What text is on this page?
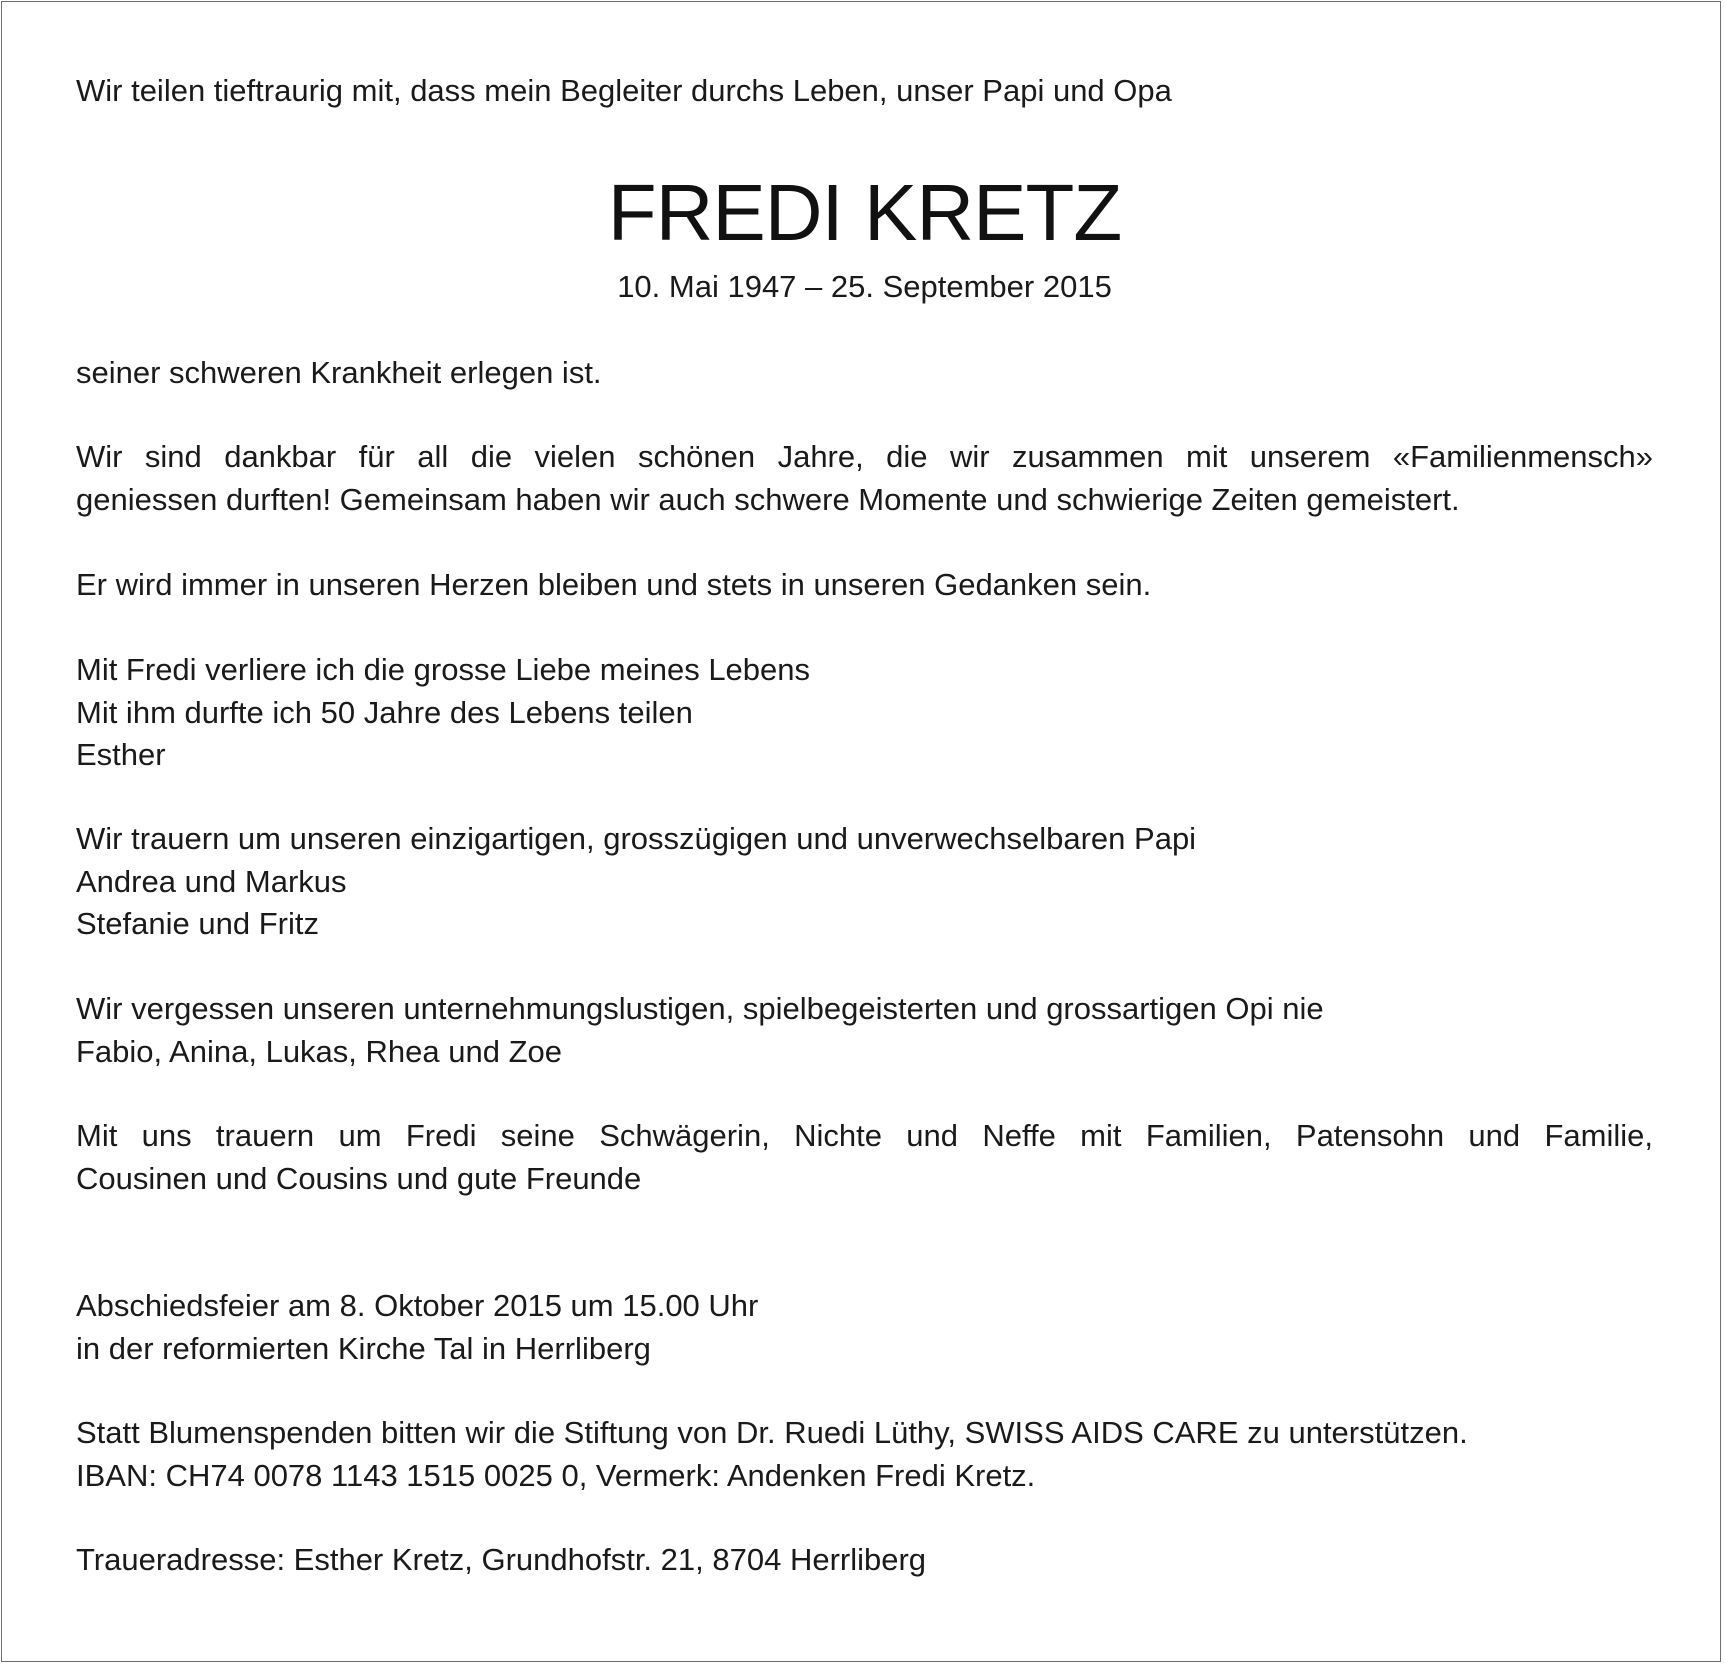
Wir teilen tieftraurig mit, dass mein Begleiter durchs Leben, unser Papi und Opa
FREDI KRETZ
10. Mai 1947 – 25. September 2015
seiner schweren Krankheit erlegen ist.
Wir sind dankbar für all die vielen schönen Jahre, die wir zusammen mit unserem «Familienmensch»
geniessen durften! Gemeinsam haben wir auch schwere Momente und schwierige Zeiten gemeistert.
Er wird immer in unseren Herzen bleiben und stets in unseren Gedanken sein.
Mit Fredi verliere ich die grosse Liebe meines Lebens
Mit ihm durfte ich 50 Jahre des Lebens teilen
Esther
Wir trauern um unseren einzigartigen, grosszügigen und unverwechselbaren Papi
Andrea und Markus
Stefanie und Fritz
Wir vergessen unseren unternehmungslustigen, spielbegeisterten und grossartigen Opi nie
Fabio, Anina, Lukas, Rhea und Zoe
Mit uns trauern um Fredi seine Schwägerin, Nichte und Neffe mit Familien, Patensohn und Familie,
Cousinen und Cousins und gute Freunde
Abschiedsfeier am 8. Oktober 2015 um 15.00 Uhr
in der reformierten Kirche Tal in Herrliberg
Statt Blumenspenden bitten wir die Stiftung von Dr. Ruedi Lüthy, SWISS AIDS CARE zu unterstützen.
IBAN: CH74 0078 1143 1515 0025 0, Vermerk: Andenken Fredi Kretz.
Traueradresse: Esther Kretz, Grundhofstr. 21, 8704 Herrliberg
